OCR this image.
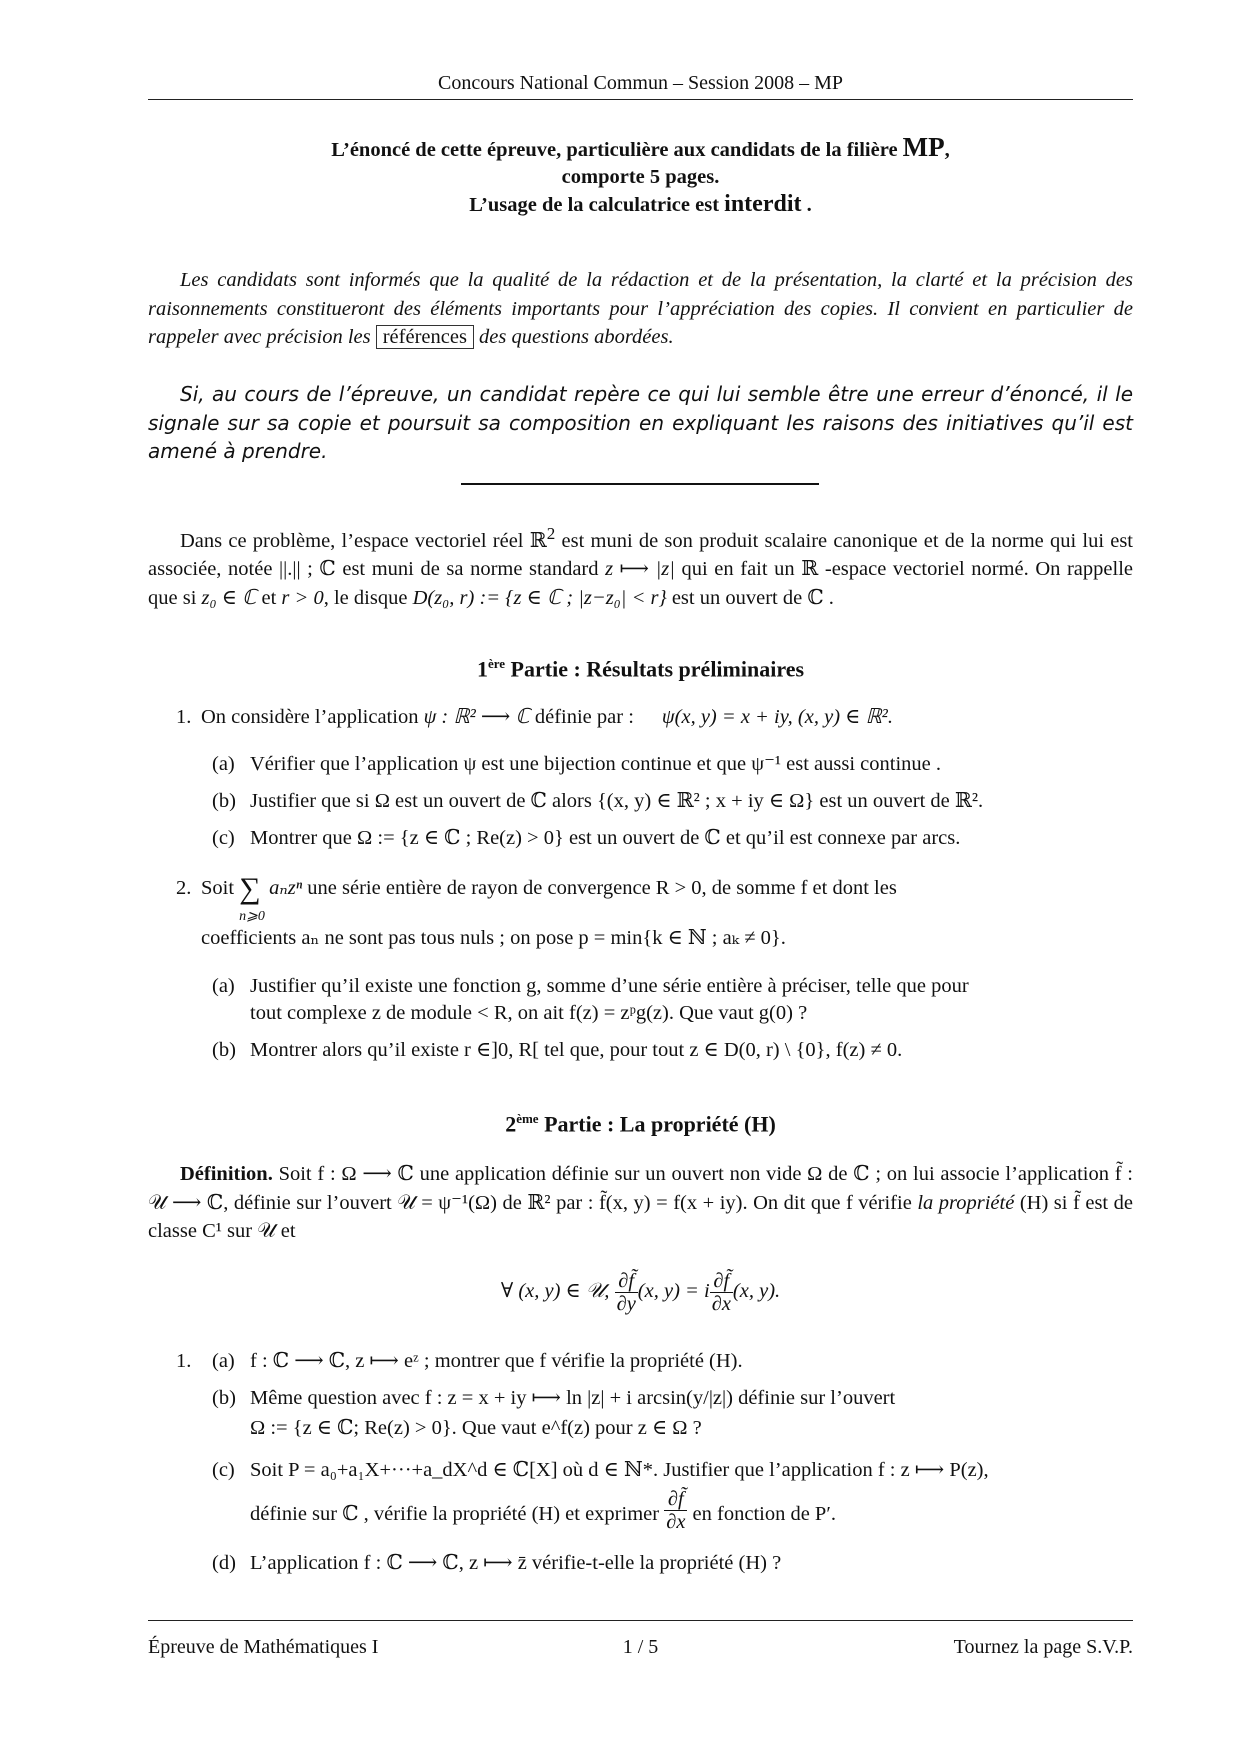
Concours National Commun – Session 2008 – MP
L’énoncé de cette épreuve, particulière aux candidats de la filière MP,
comporte 5 pages.
L’usage de la calculatrice est interdit .
Les candidats sont informés que la qualité de la rédaction et de la présentation, la clarté et la précision des raisonnements constitueront des éléments importants pour l’appréciation des copies. Il convient en particulier de rappeler avec précision les références des questions abordées.
Si, au cours de l’épreuve, un candidat repère ce qui lui semble être une erreur d’énoncé, il le signale sur sa copie et poursuit sa composition en expliquant les raisons des initiatives qu’il est amené à prendre.
Dans ce problème, l’espace vectoriel réel ℝ$^2$ est muni de son produit scalaire canonique et de la norme qui lui est associée, notée ||.|| ; ℂ est muni de sa norme standard z ⟼ |z| qui en fait un ℝ -espace vectoriel normé. On rappelle que si z₀ ∈ ℂ et r > 0, le disque D(z₀, r) := {z ∈ ℂ ; |z−z₀| < r} est un ouvert de ℂ .
1ère Partie : Résultats préliminaires
1. On considère l’application ψ : ℝ² ⟶ ℂ définie par : ψ(x, y) = x + iy, (x, y) ∈ ℝ².
(a) Vérifier que l’application ψ est une bijection continue et que ψ⁻¹ est aussi continue .
(b) Justifier que si Ω est un ouvert de ℂ alors {(x, y) ∈ ℝ² ; x + iy ∈ Ω} est un ouvert de ℝ².
(c) Montrer que Ω := {z ∈ ℂ ; Re(z) > 0} est un ouvert de ℂ et qu’il est connexe par arcs.
2. Soit ∑
n⩾0
aₙzⁿ une série entière de rayon de convergence R > 0, de somme f et dont les
coefficients aₙ ne sont pas tous nuls ; on pose p = min{k ∈ ℕ ; aₖ ≠ 0}.
(a) Justifier qu’il existe une fonction g, somme d’une série entière à préciser, telle que pour
tout complexe z de module < R, on ait f(z) = zᵖg(z). Que vaut g(0) ?
(b) Montrer alors qu’il existe r ∈]0, R[ tel que, pour tout z ∈ D(0, r) \ {0}, f(z) ≠ 0.
2ème Partie : La propriété (H)
Définition. Soit f : Ω ⟶ ℂ une application définie sur un ouvert non vide Ω de ℂ ; on lui associe l’application f̃ : 𝒰 ⟶ ℂ, définie sur l’ouvert 𝒰 = ψ⁻¹(Ω) de ℝ² par : f̃(x, y) = f(x + iy). On dit que f vérifie la propriété (H) si f̃ est de classe C¹ sur 𝒰 et
∀ (x, y) ∈ 𝒰, $\frac{\partial f̃}{\partial y} (x$, y) = i $\frac{\partial f̃}{\partial x} (x$, y).
1.	(a) f : ℂ ⟶ ℂ, z ⟼ eᶻ ; montrer que f vérifie la propriété (H).
(b) Même question avec f : z = x + iy ⟼ ln |z| + i arcsin(y/|z|) définie sur l’ouvert
Ω := {z ∈ ℂ; Re(z) > 0}. Que vaut e^f(z) pour z ∈ Ω ?
(c) Soit P = a₀+a₁X+···+a_dX^d ∈ ℂ[X] où d ∈ ℕ*. Justifier que l’application f : z ⟼ P(z),
définie sur ℂ , vérifie la propriété (H) et exprimer $\frac{\partial f̃}{\partial x}$ en fonction de P′.
(d) L’application f : ℂ ⟶ ℂ, z ⟼ z̄ vérifie-t-elle la propriété (H) ?
Épreuve de Mathématiques I	1 / 5	Tournez la page S.V.P.
